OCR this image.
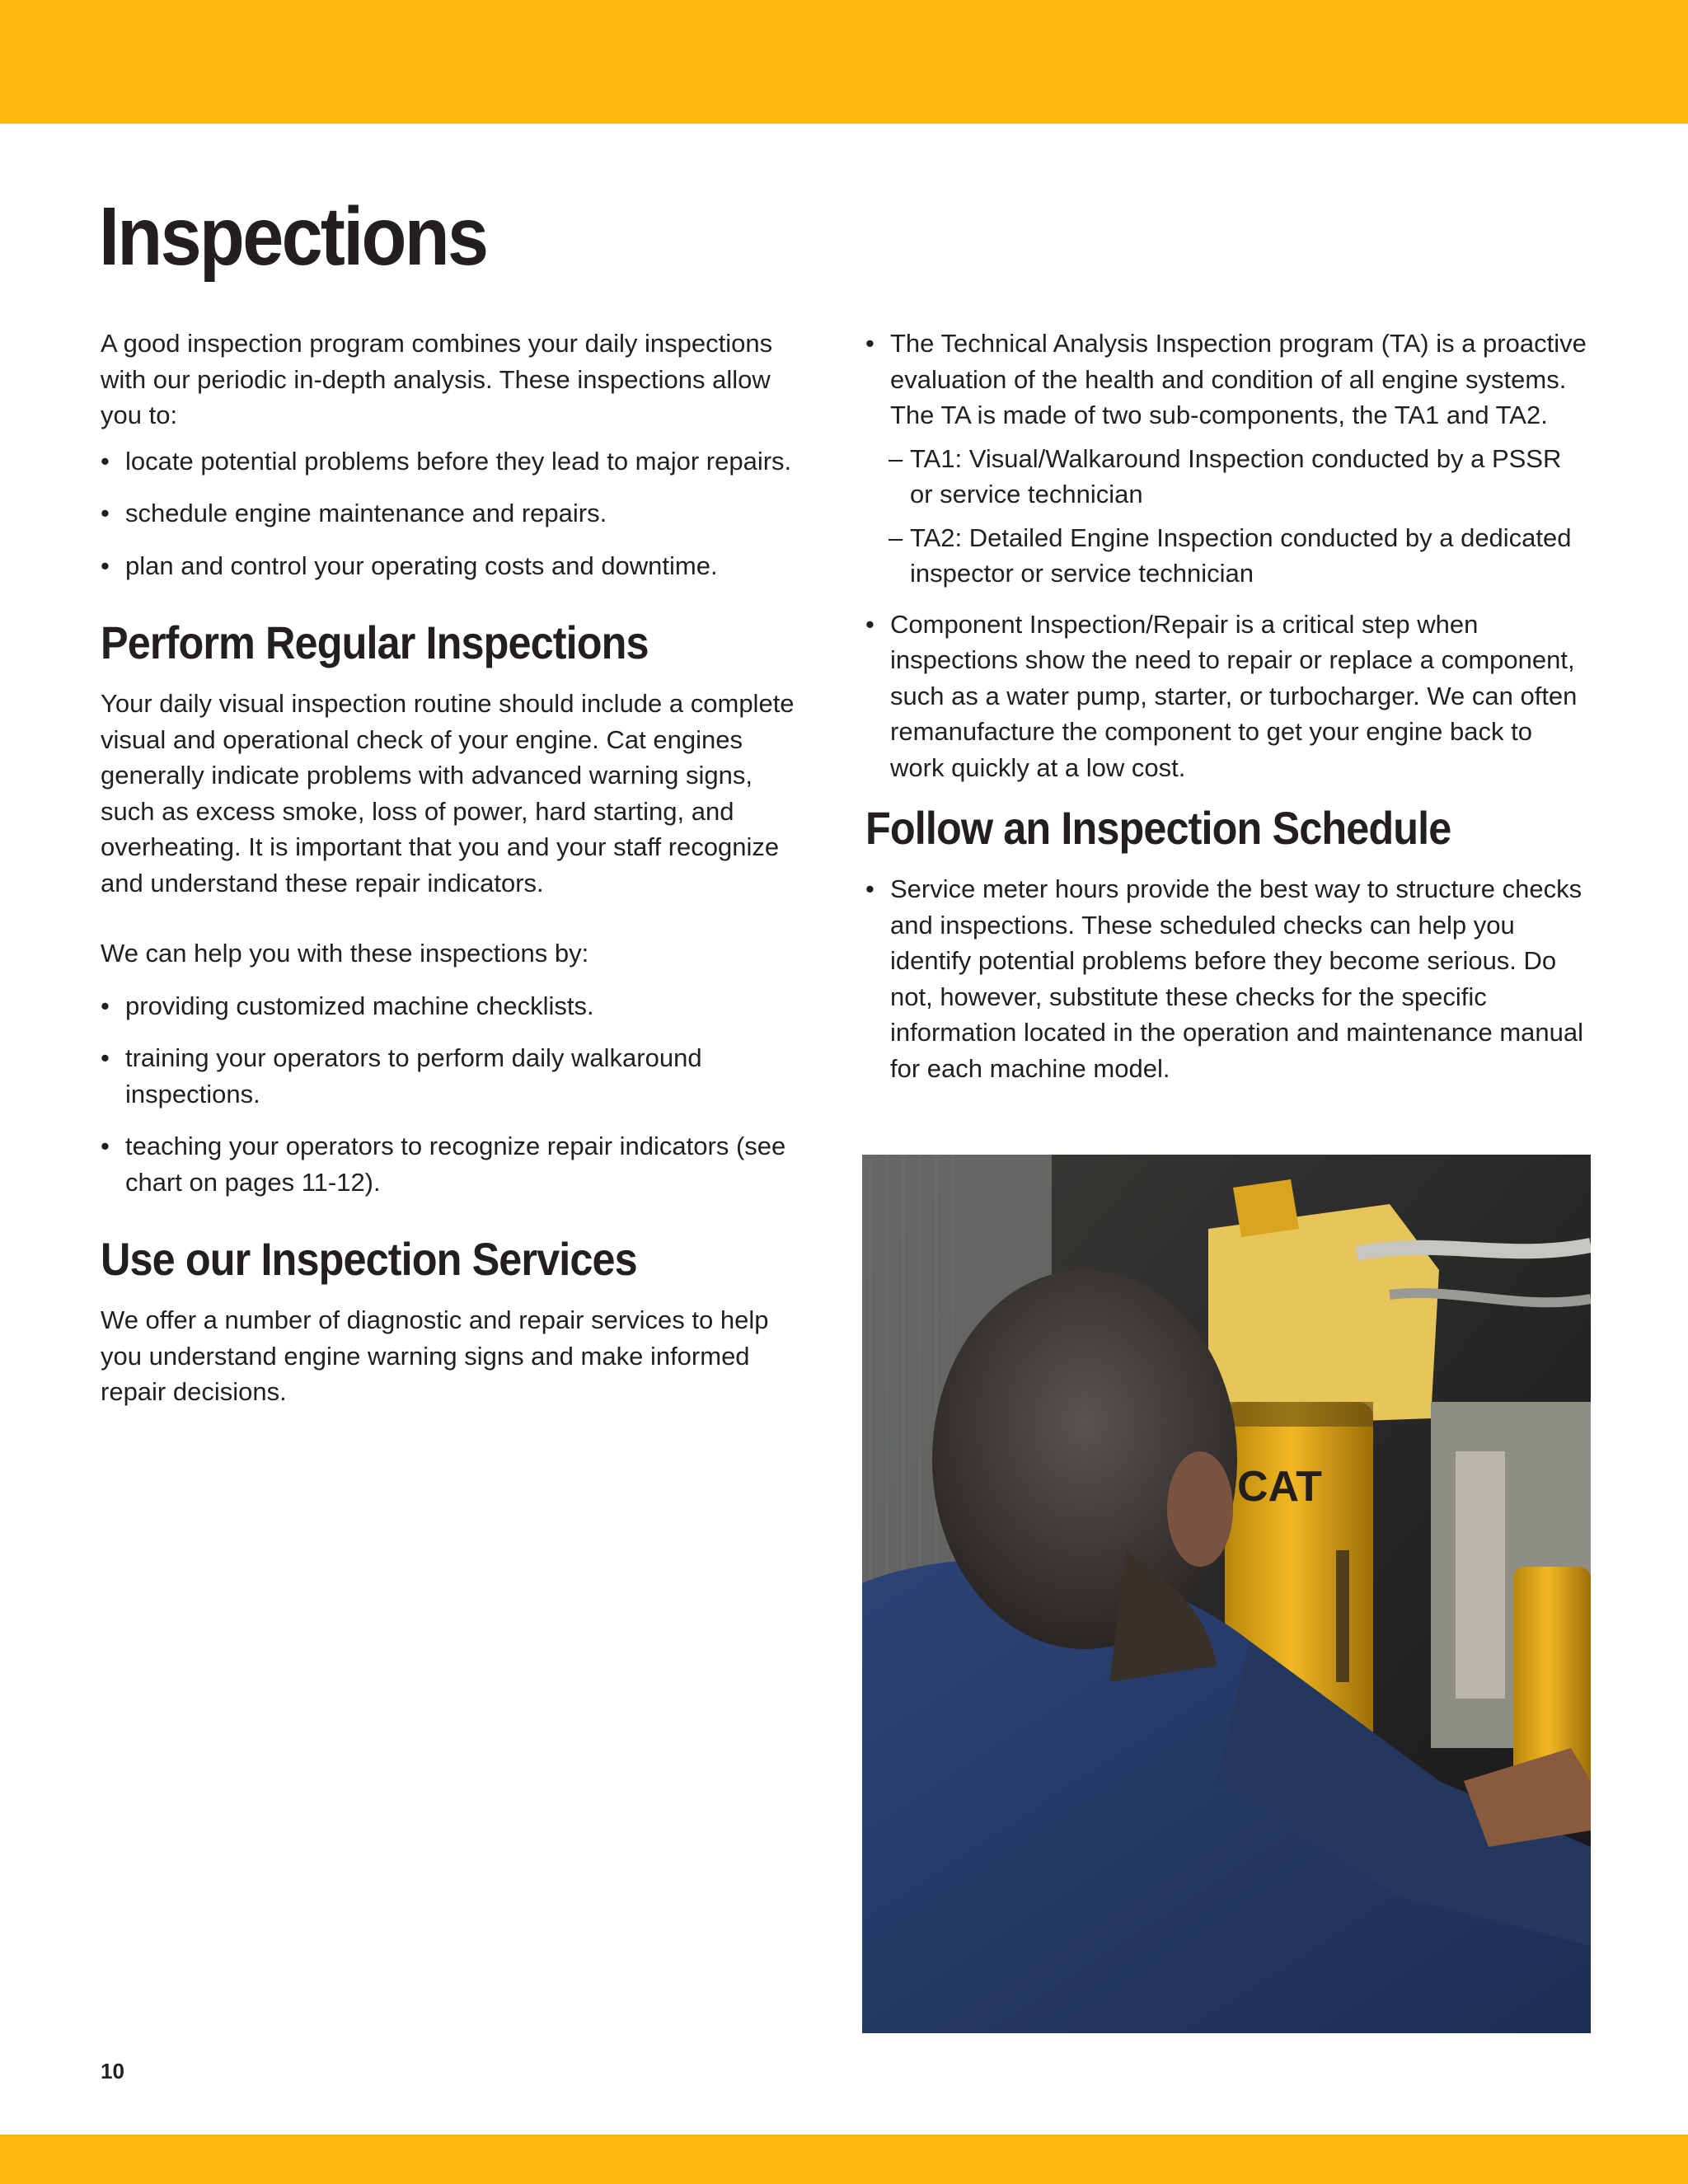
Inspections

A good inspection program combines your daily inspections with our periodic in-depth analysis. These inspections allow you to:

• locate potential problems before they lead to major repairs.
• schedule engine maintenance and repairs.
• plan and control your operating costs and downtime.
Perform Regular Inspections

Your daily visual inspection routine should include a complete visual and operational check of your engine. Cat engines generally indicate problems with advanced warning signs, such as excess smoke, loss of power, hard starting, and overheating. It is important that you and your staff recognize and understand these repair indicators.

We can help you with these inspections by:

• providing customized machine checklists.
• training your operators to perform daily walkaround inspections.
• teaching your operators to recognize repair indicators (see chart on pages 11-12).
Use our Inspection Services

We offer a number of diagnostic and repair services to help you understand engine warning signs and make informed repair decisions.

• The Technical Analysis Inspection program (TA) is a proactive evaluation of the health and condition of all engine systems. The TA is made of two sub-components, the TA1 and TA2.
– TA1: Visual/Walkaround Inspection conducted by a PSSR or service technician
– TA2: Detailed Engine Inspection conducted by a dedicated inspector or service technician
• Component Inspection/Repair is a critical step when inspections show the need to repair or replace a component, such as a water pump, starter, or turbocharger. We can often remanufacture the component to get your engine back to work quickly at a low cost.
Follow an Inspection Schedule
• Service meter hours provide the best way to structure checks and inspections. These scheduled checks can help you identify potential problems before they become serious. Do not, however, substitute these checks for the specific information located in the operation and maintenance manual for each machine model.
CAT
10
